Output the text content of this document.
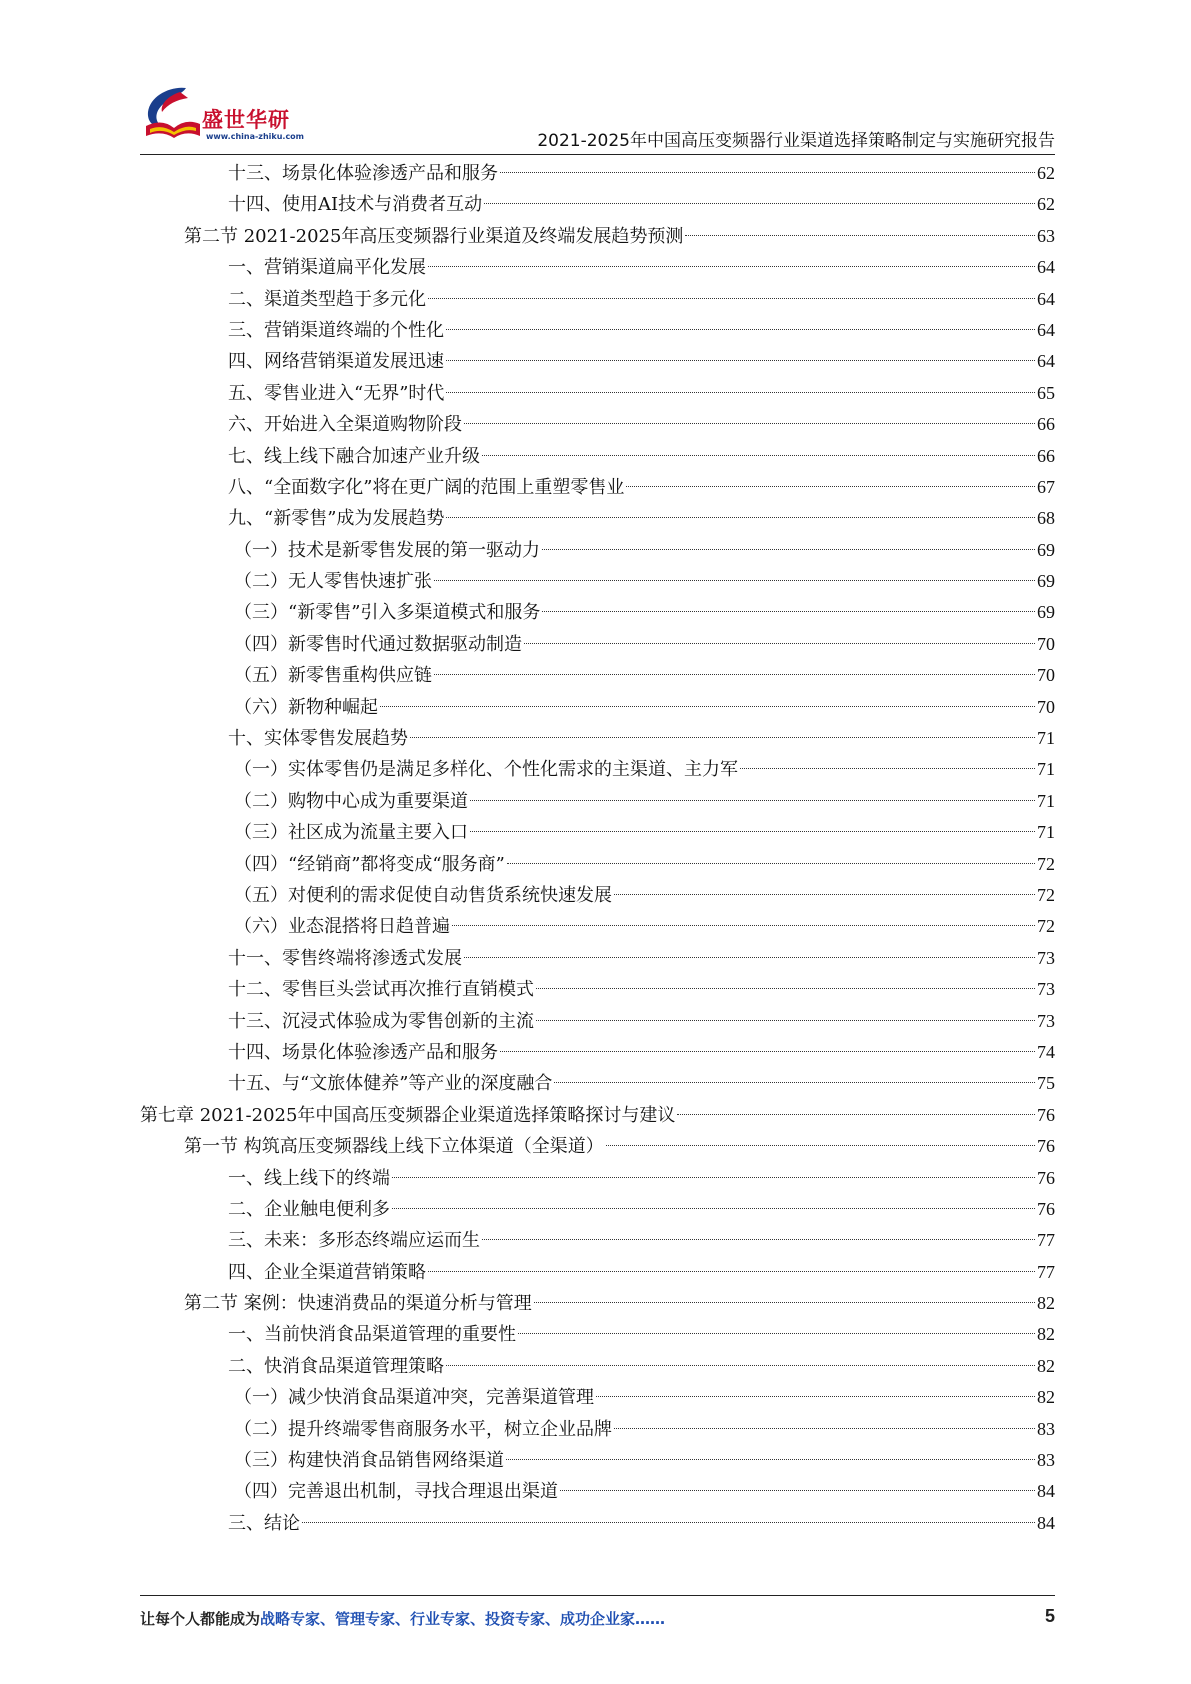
盛世华研
www.china-zhiku.com	2021-2025年中国高压变频器行业渠道选择策略制定与实施研究报告
十三、场景化体验渗透产品和服务	62
十四、使用AI技术与消费者互动	62
第二节 2021-2025年高压变频器行业渠道及终端发展趋势预测	63
一、营销渠道扁平化发展	64
二、渠道类型趋于多元化	64
三、营销渠道终端的个性化	64
四、网络营销渠道发展迅速	64
五、零售业进入“无界”时代	65
六、开始进入全渠道购物阶段	66
七、线上线下融合加速产业升级	66
八、“全面数字化”将在更广阔的范围上重塑零售业	67
九、“新零售”成为发展趋势	68
（一）技术是新零售发展的第一驱动力	69
（二）无人零售快速扩张	69
（三）“新零售”引入多渠道模式和服务	69
（四）新零售时代通过数据驱动制造	70
（五）新零售重构供应链	70
（六）新物种崛起	70
十、实体零售发展趋势	71
（一）实体零售仍是满足多样化、个性化需求的主渠道、主力军	71
（二）购物中心成为重要渠道	71
（三）社区成为流量主要入口	71
（四）“经销商”都将变成“服务商”	72
（五）对便利的需求促使自动售货系统快速发展	72
（六）业态混搭将日趋普遍	72
十一、零售终端将渗透式发展	73
十二、零售巨头尝试再次推行直销模式	73
十三、沉浸式体验成为零售创新的主流	73
十四、场景化体验渗透产品和服务	74
十五、与“文旅体健养”等产业的深度融合	75
第七章 2021-2025年中国高压变频器企业渠道选择策略探讨与建议	76
第一节 构筑高压变频器线上线下立体渠道（全渠道）	76
一、线上线下的终端	76
二、企业触电便利多	76
三、未来：多形态终端应运而生	77
四、企业全渠道营销策略	77
第二节 案例：快速消费品的渠道分析与管理	82
一、当前快消食品渠道管理的重要性	82
二、快消食品渠道管理策略	82
（一）减少快消食品渠道冲突，完善渠道管理	82
（二）提升终端零售商服务水平，树立企业品牌	83
（三）构建快消食品销售网络渠道	83
（四）完善退出机制，寻找合理退出渠道	84
三、结论	84
让每个人都能成为战略专家、管理专家、行业专家、投资专家、成功企业家……	5
